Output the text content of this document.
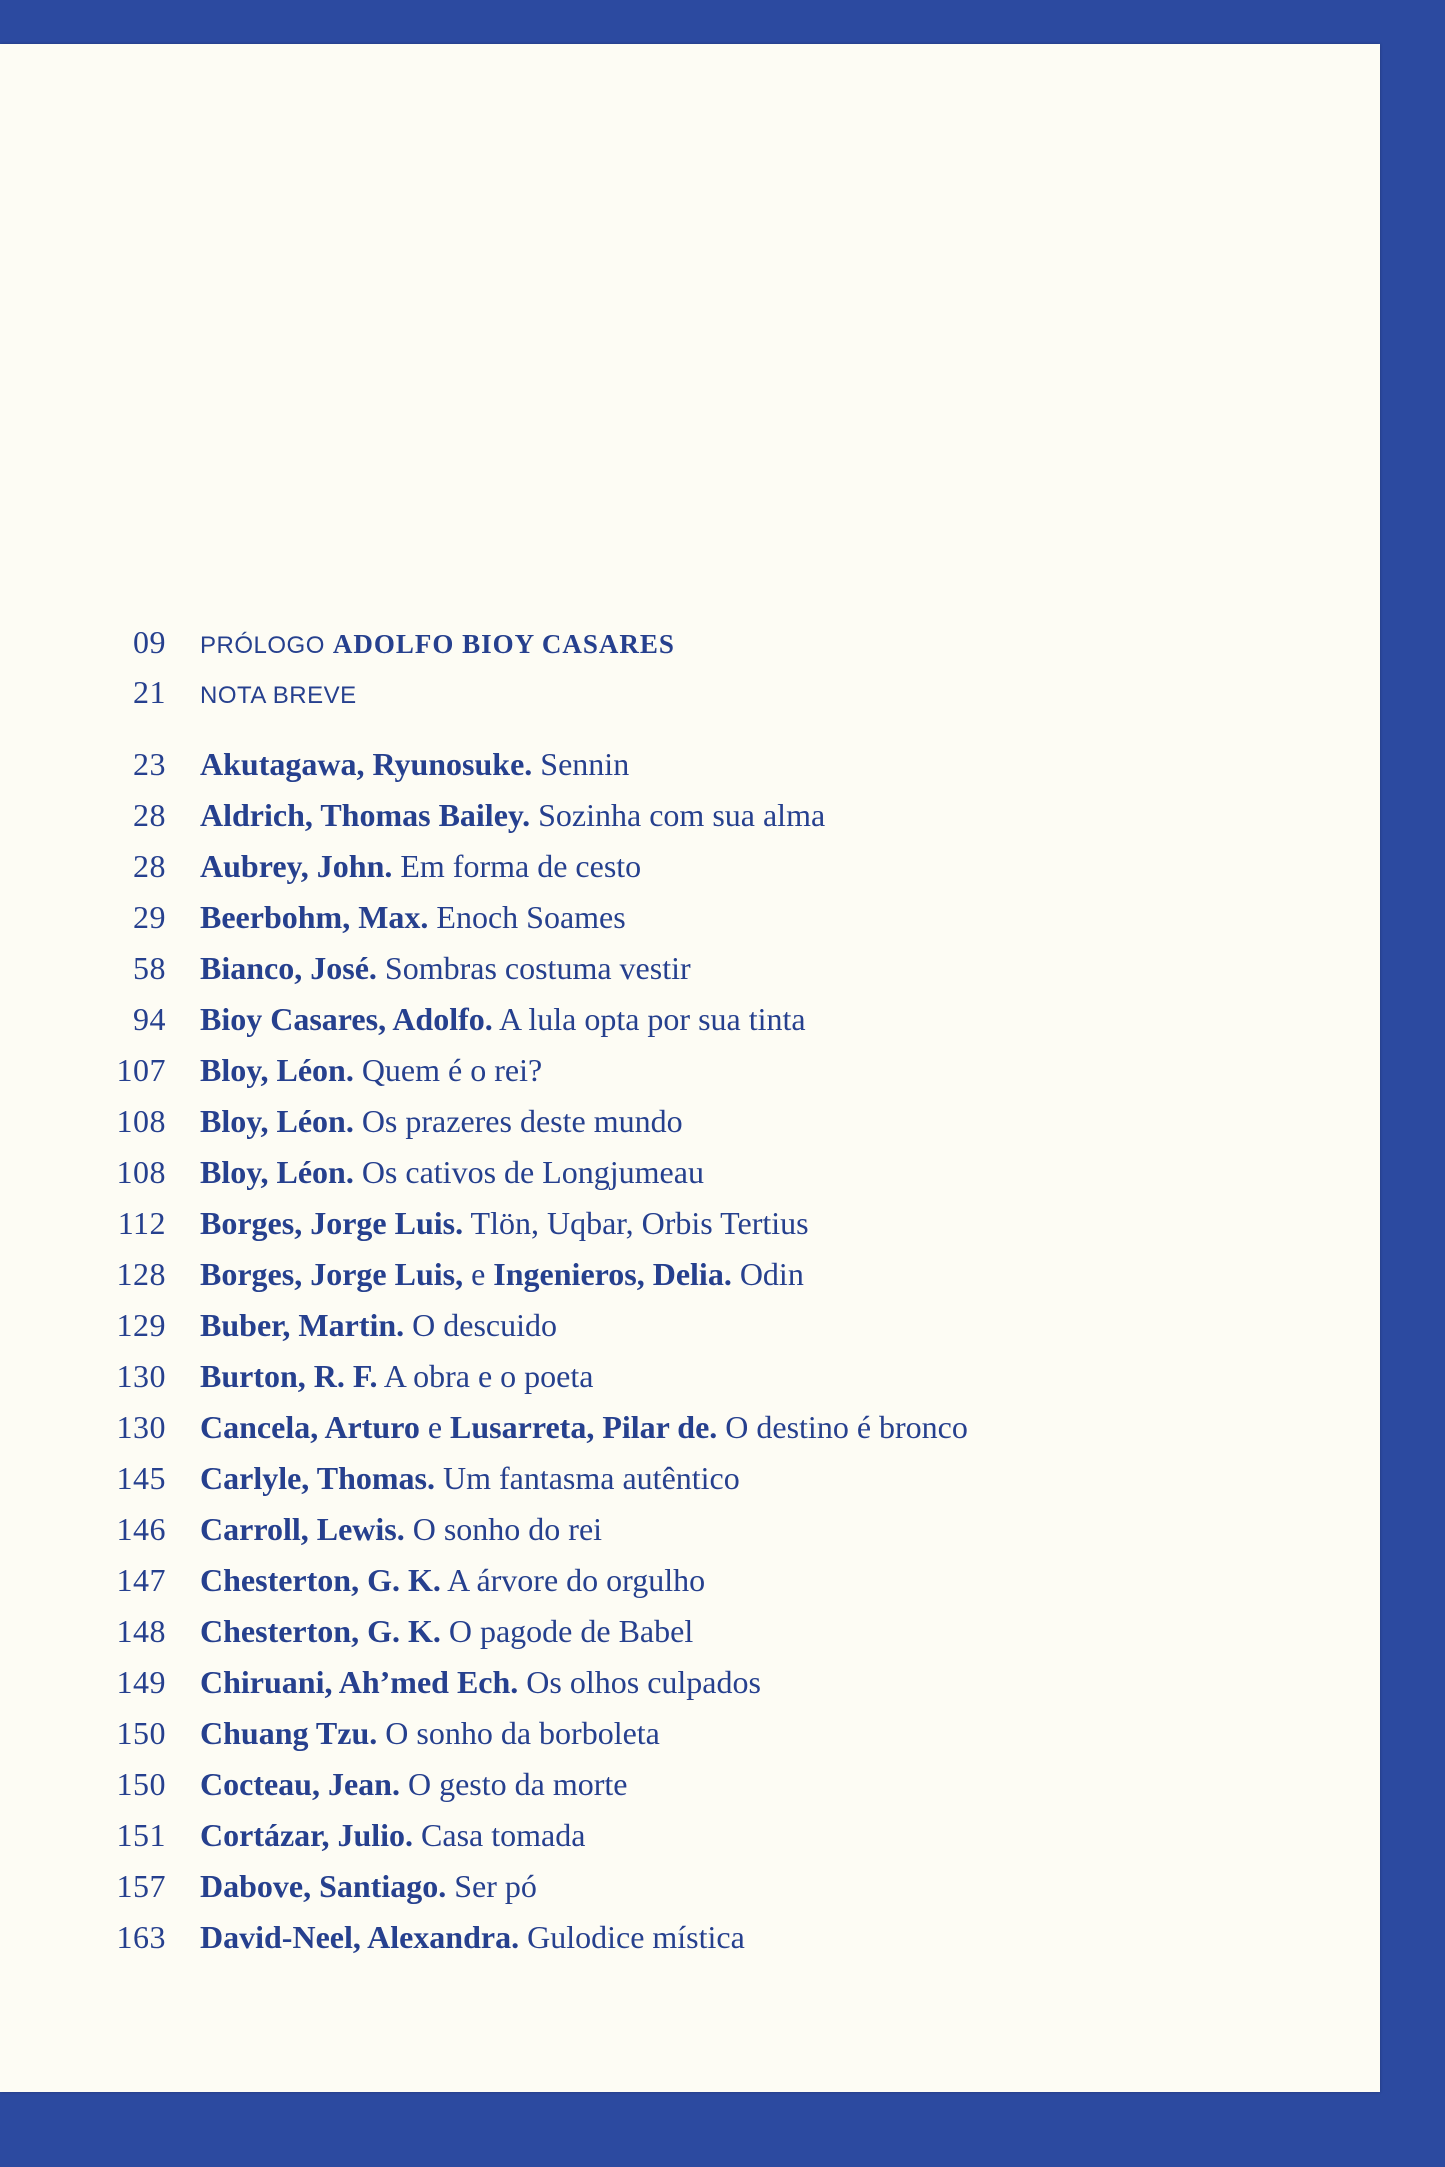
09	PRÓLOGO ADOLFO BIOY CASARES
21	NOTA BREVE
23	Akutagawa, Ryunosuke. Sennin
28	Aldrich, Thomas Bailey. Sozinha com sua alma
28	Aubrey, John. Em forma de cesto
29	Beerbohm, Max. Enoch Soames
58	Bianco, José. Sombras costuma vestir
94	Bioy Casares, Adolfo. A lula opta por sua tinta
107	Bloy, Léon. Quem é o rei?
108	Bloy, Léon. Os prazeres deste mundo
108	Bloy, Léon. Os cativos de Longjumeau
112	Borges, Jorge Luis. Tlön, Uqbar, Orbis Tertius
128	Borges, Jorge Luis, e Ingenieros, Delia. Odin
129	Buber, Martin. O descuido
130	Burton, R. F. A obra e o poeta
130	Cancela, Arturo e Lusarreta, Pilar de. O destino é bronco
145	Carlyle, Thomas. Um fantasma autêntico
146	Carroll, Lewis. O sonho do rei
147	Chesterton, G. K. A árvore do orgulho
148	Chesterton, G. K. O pagode de Babel
149	Chiruani, Ah’med Ech. Os olhos culpados
150	Chuang Tzu. O sonho da borboleta
150	Cocteau, Jean. O gesto da morte
151	Cortázar, Julio. Casa tomada
157	Dabove, Santiago. Ser pó
163	David-Neel, Alexandra. Gulodice mística
